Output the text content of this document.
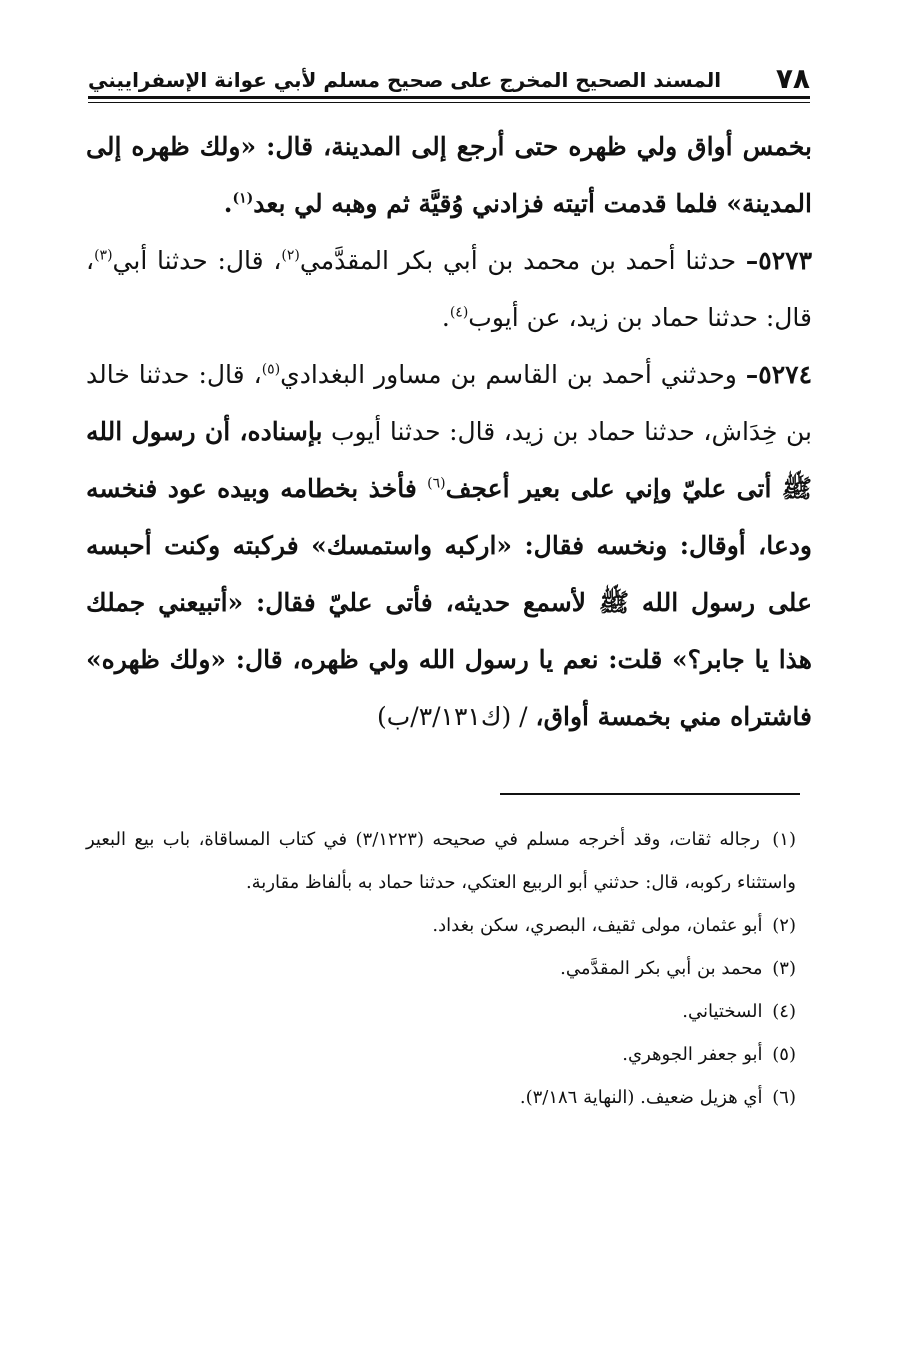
٧٨
المسند الصحيح المخرج على صحيح مسلم لأبي عوانة الإسفراييني

بخمس أواق ولي ظهره حتى أرجع إلى المدينة، قال: «ولك ظهره إلى المدينة» فلما قدمت أتيته فزادني وُقيَّة ثم وهبه لي بعد$^{(١)}$.

٥٢٧٣– حدثنا أحمد بن محمد بن أبي بكر المقدَّمي$^{(٢)}$، قال: حدثنا أبي$^{(٣)}$، قال: حدثنا حماد بن زيد، عن أيوب$^{(٤)}$.

٥٢٧٤– وحدثني أحمد بن القاسم بن مساور البغدادي$^{(٥)}$، قال: حدثنا خالد بن خِدَاش، حدثنا حماد بن زيد، قال: حدثنا أيوب بإسناده، أن رسول الله ﷺ أتى عليّ وإني على بعير أعجف$^{(٦)}$ فأخذ بخطامه وبيده عود فنخسه ودعا، أوقال: ونخسه فقال: «اركبه واستمسك» فركبته وكنت أحبسه على رسول الله ﷺ لأسمع حديثه، فأتى عليّ فقال: «أتبيعني جملك هذا يا جابر؟» قلت: نعم يا رسول الله ولي ظهره، قال: «ولك ظهره» فاشتراه مني بخمسة أواق، / (ك٣/١٣١/ب)

(١) رجاله ثقات، وقد أخرجه مسلم في صحيحه (٣/١٢٢٣) في كتاب المساقاة، باب بيع البعير واستثناء ركوبه، قال: حدثني أبو الربيع العتكي، حدثنا حماد به بألفاظ مقاربة.

(٢) أبو عثمان، مولى ثقيف، البصري، سكن بغداد.

(٣) محمد بن أبي بكر المقدَّمي.

(٤) السختياني.

(٥) أبو جعفر الجوهري.

(٦) أي هزيل ضعيف. (النهاية ٣/١٨٦).
